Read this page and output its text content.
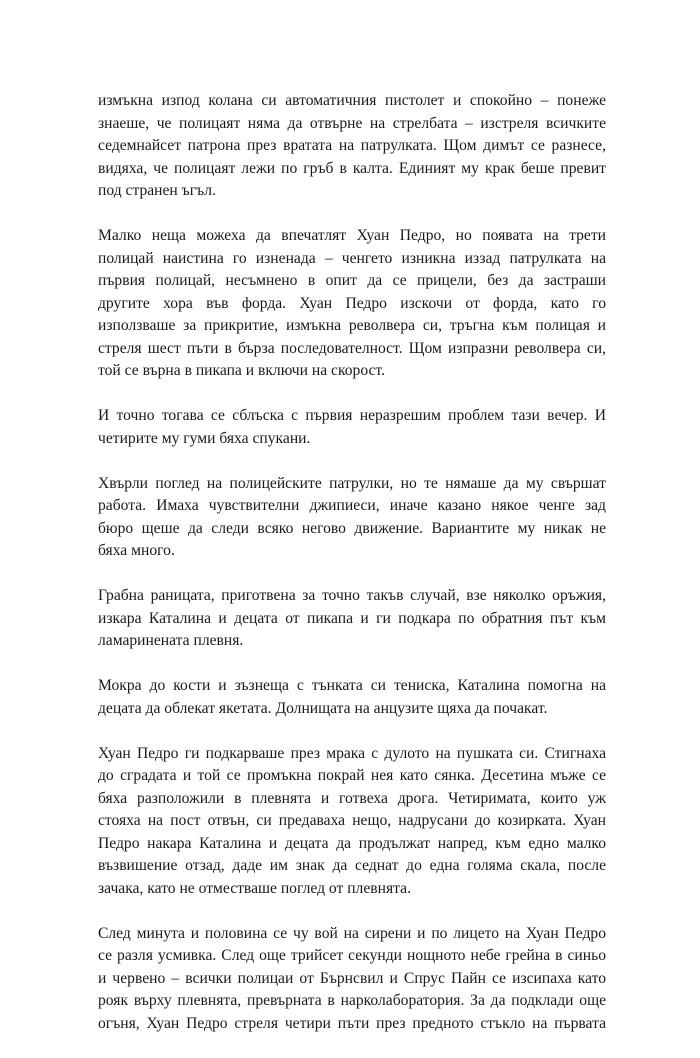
измъкна изпод колана си автоматичния пистолет и спокойно – понеже
знаеше, че полицаят няма да отвърне на стрелбата – изстреля всичките
седемнайсет патрона през вратата на патрулката. Щом димът се разнесе,
видяха, че полицаят лежи по гръб в калта. Единият му крак беше превит
под странен ъгъл.

Малко неща можеха да впечатлят Хуан Педро, но появата на трети
полицай наистина го изненада – ченгето изникна иззад патрулката на
първия полицай, несъмнено в опит да се прицели, без да застраши
другите хора във форда. Хуан Педро изскочи от форда, като го
използваше за прикритие, измъкна револвера си, тръгна към полицая и
стреля шест пъти в бърза последователност. Щом изпразни револвера си,
той се върна в пикапа и включи на скорост.

И точно тогава се сблъска с първия неразрешим проблем тази вечер. И
четирите му гуми бяха спукани.

Хвърли поглед на полицейските патрулки, но те нямаше да му свършат
работа. Имаха чувствителни джипиеси, иначе казано някое ченге зад
бюро щеше да следи всяко негово движение. Вариантите му никак не
бяха много.

Грабна раницата, приготвена за точно такъв случай, взе няколко оръжия,
изкара Каталина и децата от пикапа и ги подкара по обратния път към
ламаринената плевня.

Мокра до кости и зъзнеща с тънката си тениска, Каталина помогна на
децата да облекат якетата. Долнищата на анцузите щяха да почакат.

Хуан Педро ги подкарваше през мрака с дулото на пушката си. Стигнаха
до сградата и той се промъкна покрай нея като сянка. Десетина мъже се
бяха разположили в плевнята и готвеха дрога. Четиримата, които уж
стояха на пост отвън, си предаваха нещо, надрусани до козирката. Хуан
Педро накара Каталина и децата да продължат напред, към едно малко
възвишение отзад, даде им знак да седнат до една голяма скала, после
зачака, като не отместваше поглед от плевнята.

След минута и половина се чу вой на сирени и по лицето на Хуан Педро
се разля усмивка. След още трийсет секунди нощното небе грейна в синьо
и червено – всички полицаи от Бърнсвил и Спрус Пайн се изсипаха като
рояк върху плевнята, превърната в нарколаборатория. За да подклади още
огъня, Хуан Педро стреля четири пъти през предното стъкло на първата
